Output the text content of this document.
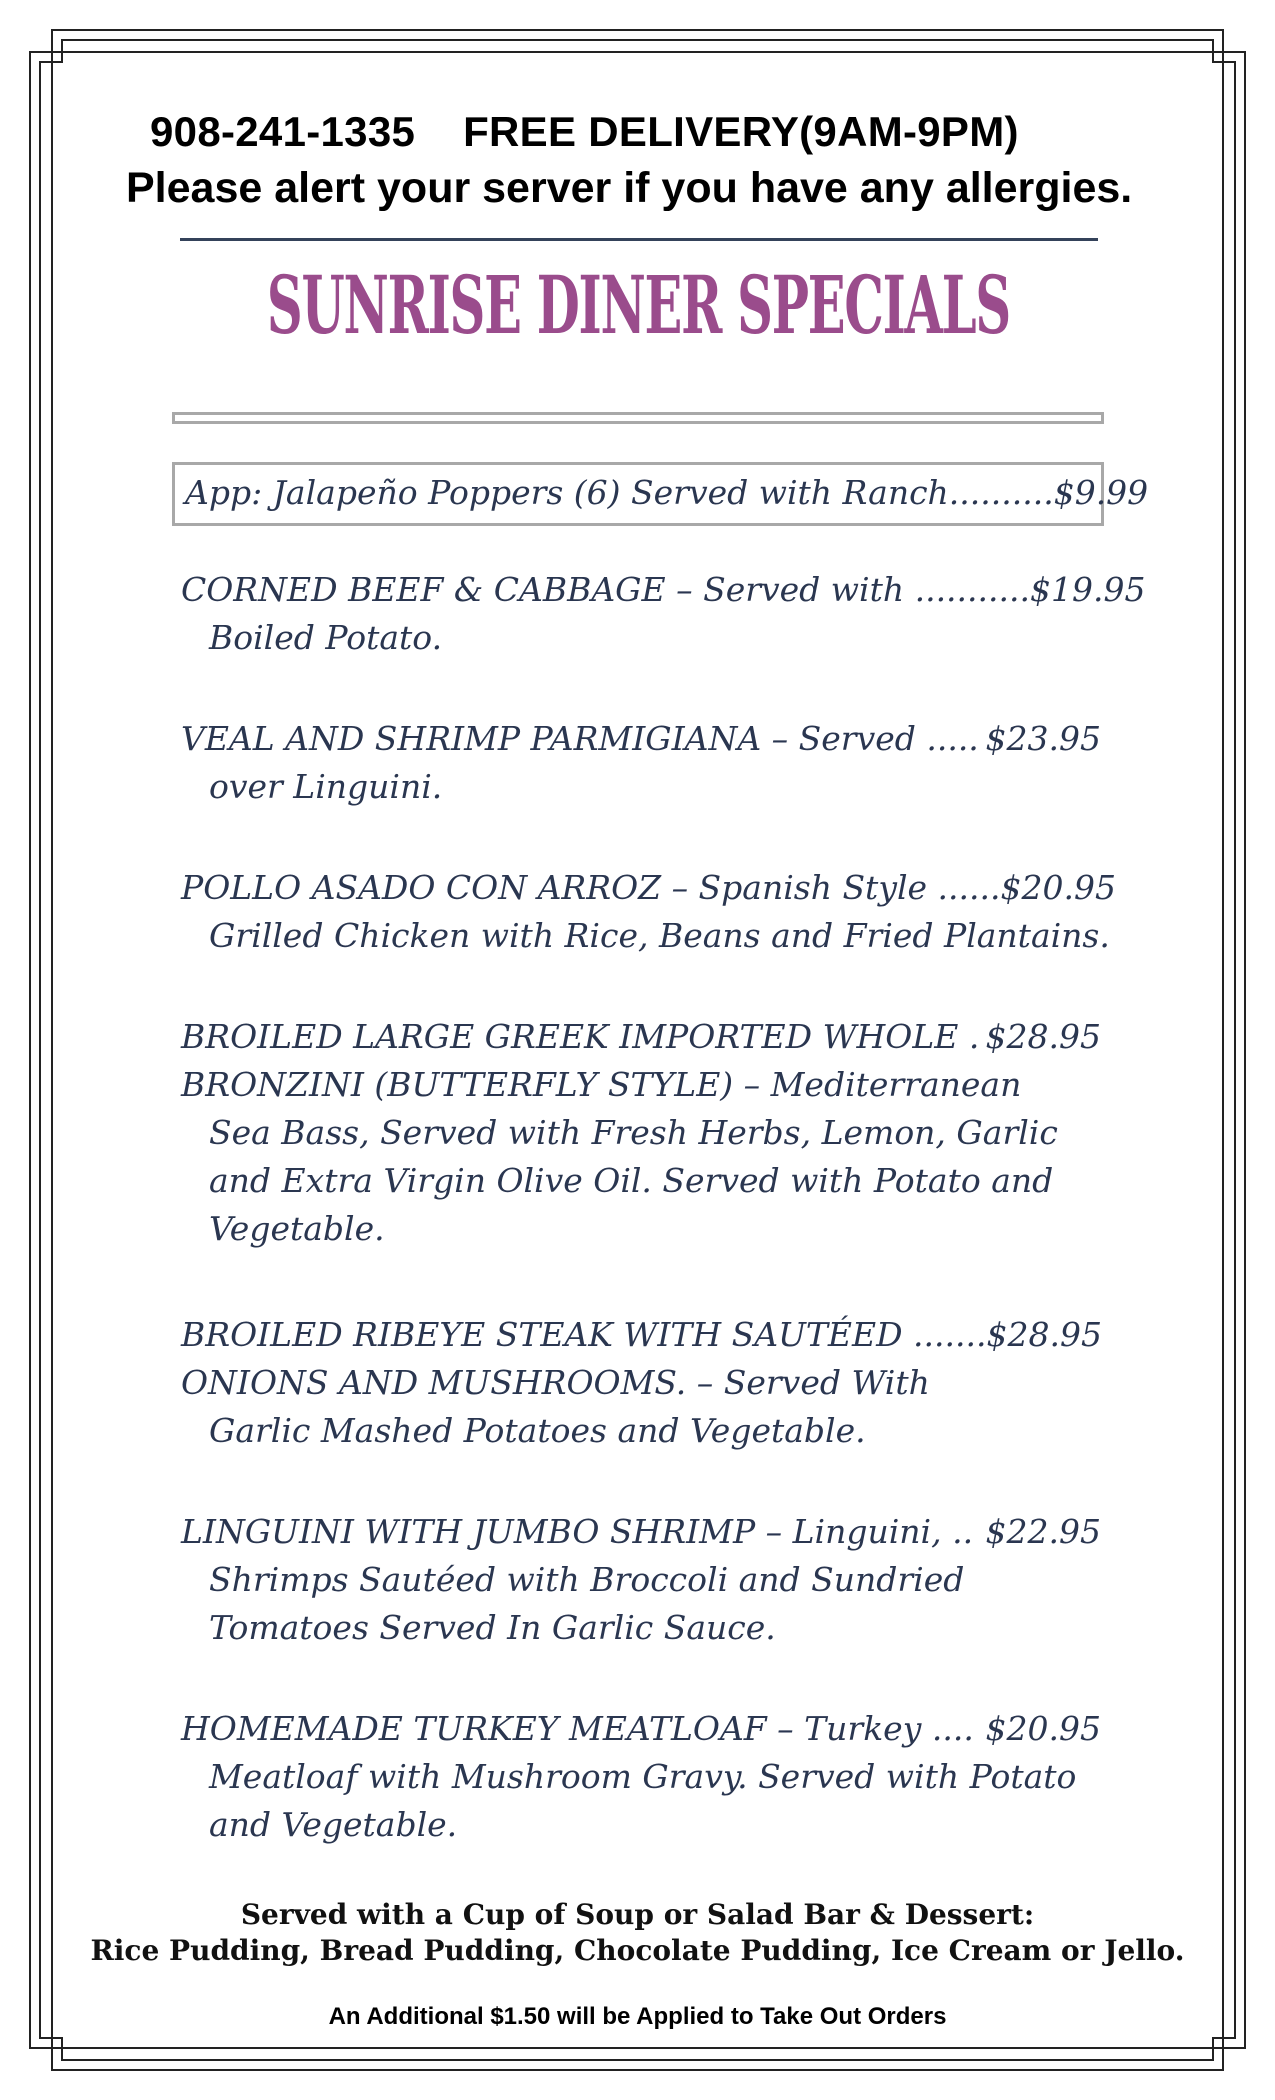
908-241-1335 FREE DELIVERY(9AM-9PM)
Please alert your server if you have any allergies.
SUNRISE DINER SPECIALS
App: Jalapeño Poppers (6) Served with Ranch..........$9.99
CORNED BEEF & CABBAGE – Served with ........... $19.95
Boiled Potato.
VEAL AND SHRIMP PARMIGIANA – Served ..... $23.95
over Linguini.
POLLO ASADO CON ARROZ – Spanish Style ...... $20.95
Grilled Chicken with Rice, Beans and Fried Plantains.
BROILED LARGE GREEK IMPORTED WHOLE . $28.95
BRONZINI (BUTTERFLY STYLE) – Mediterranean
Sea Bass, Served with Fresh Herbs, Lemon, Garlic
and Extra Virgin Olive Oil. Served with Potato and
Vegetable.
BROILED RIBEYE STEAK WITH SAUTÉED ....... $28.95
ONIONS AND MUSHROOMS. – Served With
Garlic Mashed Potatoes and Vegetable.
LINGUINI WITH JUMBO SHRIMP – Linguini, .. $22.95
Shrimps Sautéed with Broccoli and Sundried
Tomatoes Served In Garlic Sauce.
HOMEMADE TURKEY MEATLOAF – Turkey .... $20.95
Meatloaf with Mushroom Gravy. Served with Potato
and Vegetable.
Served with a Cup of Soup or Salad Bar & Dessert:
Rice Pudding, Bread Pudding, Chocolate Pudding, Ice Cream or Jello.
An Additional $1.50 will be Applied to Take Out Orders
